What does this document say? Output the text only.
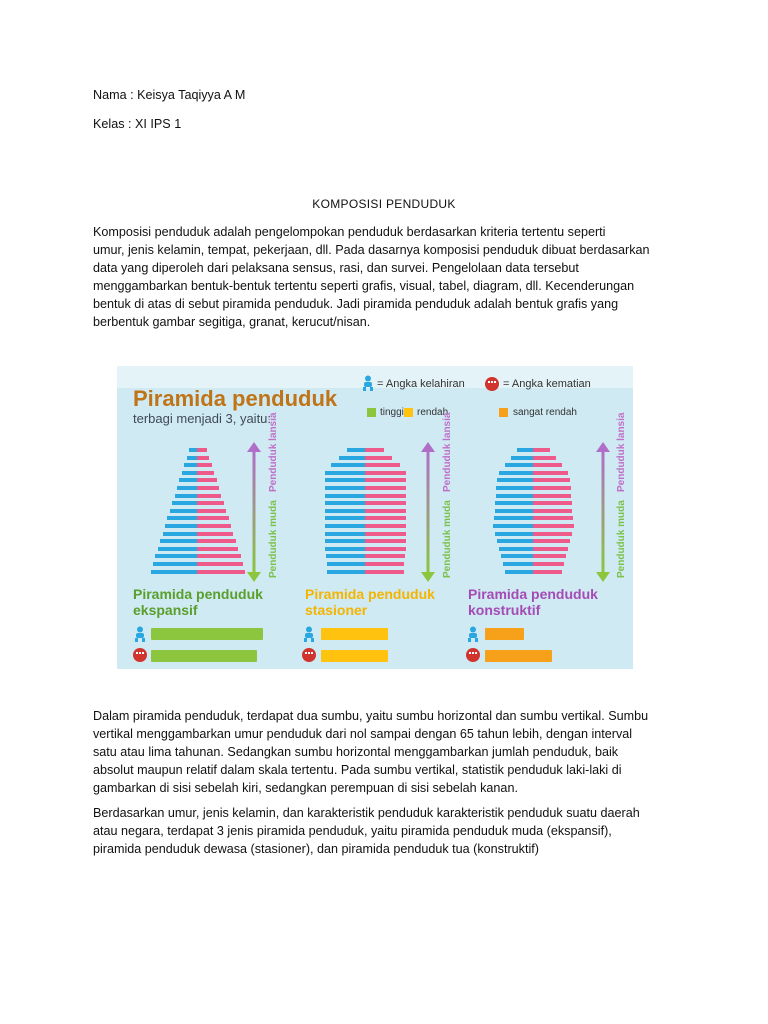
Nama : Keisya Taqiyya A M
Kelas : XI IPS 1
KOMPOSISI PENDUDUK
Komposisi penduduk adalah pengelompokan penduduk berdasarkan kriteria tertentu seperti
umur, jenis kelamin, tempat, pekerjaan, dll. Pada dasarnya komposisi penduduk dibuat berdasarkan
data yang diperoleh dari pelaksana sensus, rasi, dan survei. Pengelolaan data tersebut
menggambarkan bentuk-bentuk tertentu seperti grafis, visual, tabel, diagram, dll. Kecenderungan
bentuk di atas di sebut piramida penduduk. Jadi piramida penduduk adalah bentuk grafis yang
berbentuk gambar segitiga, granat, kerucut/nisan.
Piramida penduduk
terbagi menjadi 3, yaitu:
= Angka kelahiran	= Angka kematian
tinggi rendah	sangat rendah
Penduduk lansia
Penduduk muda
Penduduk lansia
Penduduk muda
Penduduk lansia
Penduduk muda
Piramida penduduk
ekspansif
Piramida penduduk
stasioner
Piramida penduduk
konstruktif
Dalam piramida penduduk, terdapat dua sumbu, yaitu sumbu horizontal dan sumbu vertikal. Sumbu
vertikal menggambarkan umur penduduk dari nol sampai dengan 65 tahun lebih, dengan interval
satu atau lima tahunan. Sedangkan sumbu horizontal menggambarkan jumlah penduduk, baik
absolut maupun relatif dalam skala tertentu. Pada sumbu vertikal, statistik penduduk laki-laki di
gambarkan di sisi sebelah kiri, sedangkan perempuan di sisi sebelah kanan.
Berdasarkan umur, jenis kelamin, dan karakteristik penduduk karakteristik penduduk suatu daerah
atau negara, terdapat 3 jenis piramida penduduk, yaitu piramida penduduk muda (ekspansif),
piramida penduduk dewasa (stasioner), dan piramida penduduk tua (konstruktif)
